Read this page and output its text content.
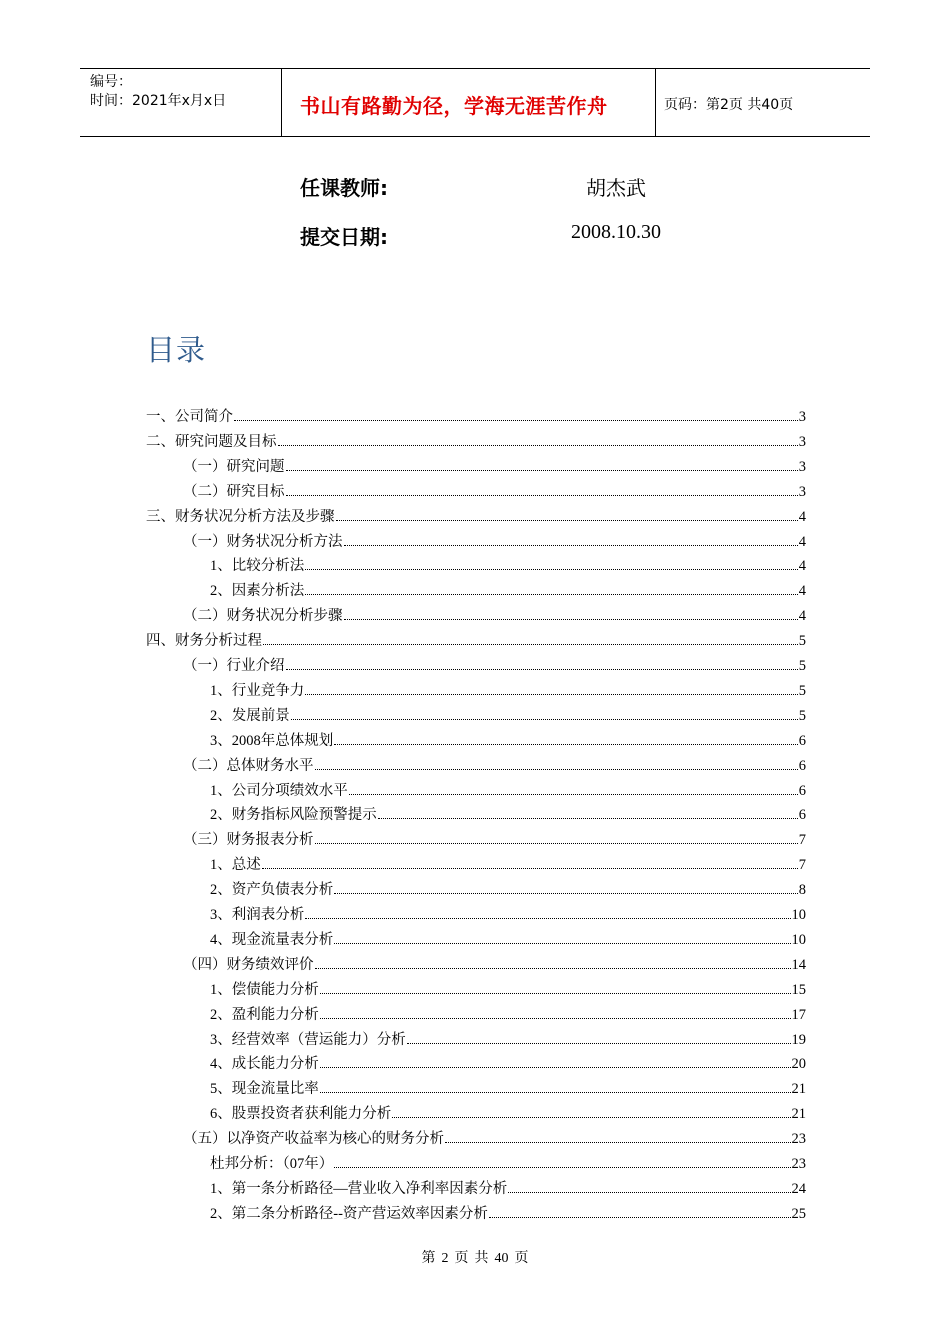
编号：
时间：2021年x月x日	书山有路勤为径，学海无涯苦作舟	页码：第2页 共40页
任课教师:	胡杰武
提交日期:	2008.10.30
目录
一、公司简介	3
二、研究问题及目标	3
（一）研究问题	3
（二）研究目标	3
三、财务状况分析方法及步骤	4
（一）财务状况分析方法	4
1、比较分析法	4
2、因素分析法	4
（二）财务状况分析步骤	4
四、财务分析过程	5
（一）行业介绍	5
1、行业竞争力	5
2、发展前景	5
3、2008年总体规划	6
（二）总体财务水平	6
1、公司分项绩效水平	6
2、财务指标风险预警提示	6
（三）财务报表分析	7
1、总述	7
2、资产负债表分析	8
3、利润表分析	10
4、现金流量表分析	10
（四）财务绩效评价	14
1、偿债能力分析	15
2、盈利能力分析	17
3、经营效率（营运能力）分析	19
4、成长能力分析	20
5、现金流量比率	21
6、股票投资者获利能力分析	21
（五）以净资产收益率为核心的财务分析	23
杜邦分析：（07年）	23
1、第一条分析路径—营业收入净利率因素分析	24
2、第二条分析路径--资产营运效率因素分析	25
第 2 页 共 40 页
